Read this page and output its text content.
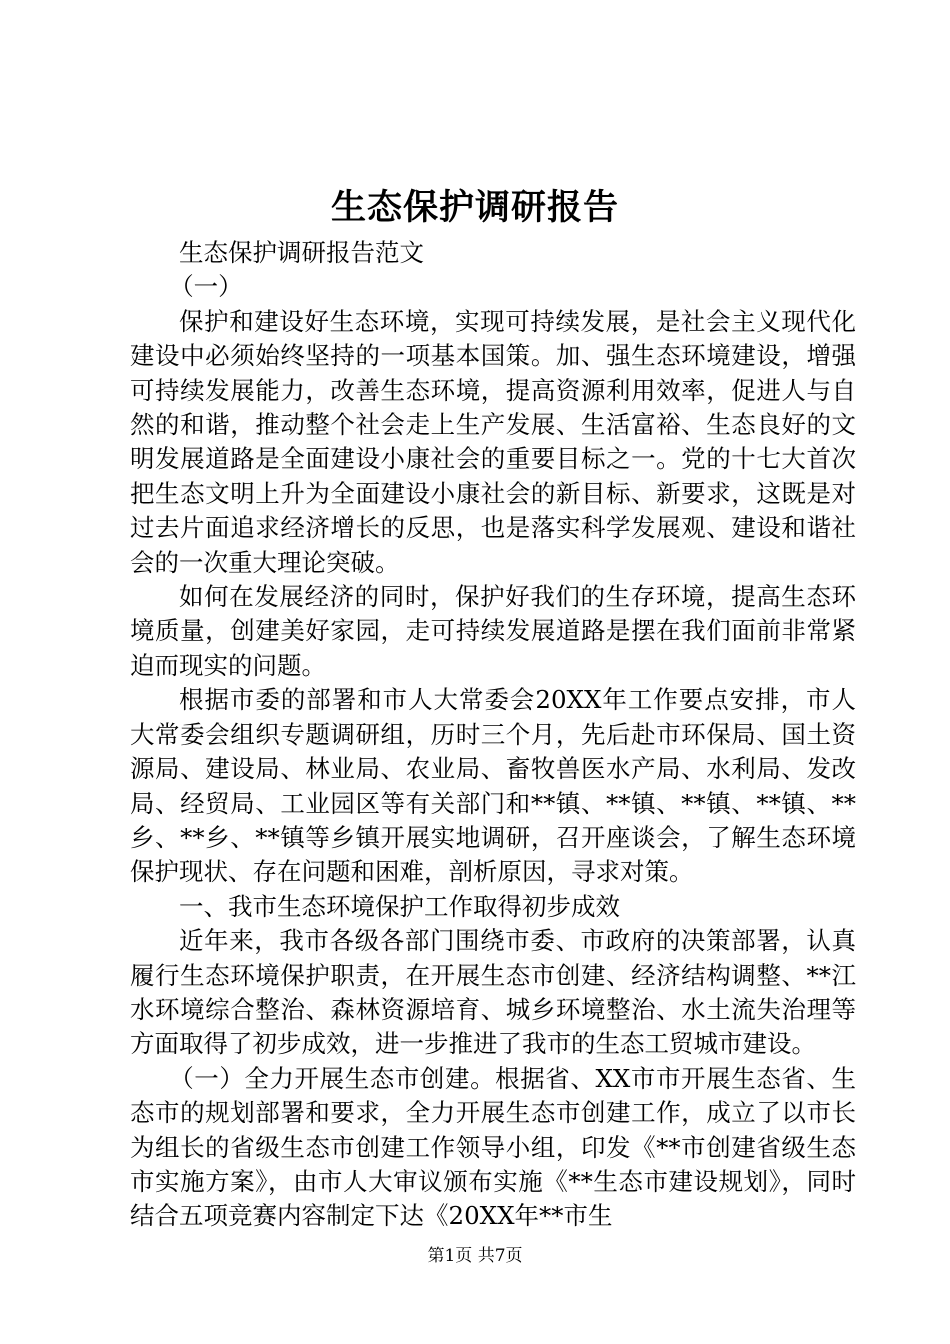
生态保护调研报告

生态保护调研报告范文

（一）

保护和建设好生态环境，实现可持续发展，是社会主义现代化建设中必须始终坚持的一项基本国策。加、强生态环境建设，增强可持续发展能力，改善生态环境，提高资源利用效率，促进人与自然的和谐，推动整个社会走上生产发展、生活富裕、生态良好的文明发展道路是全面建设小康社会的重要目标之一。党的十七大首次把生态文明上升为全面建设小康社会的新目标、新要求，这既是对过去片面追求经济增长的反思，也是落实科学发展观、建设和谐社会的一次重大理论突破。

如何在发展经济的同时，保护好我们的生存环境，提高生态环境质量，创建美好家园，走可持续发展道路是摆在我们面前非常紧迫而现实的问题。

根据市委的部署和市人大常委会20XX年工作要点安排，市人大常委会组织专题调研组，历时三个月，先后赴市环保局、国土资源局、建设局、林业局、农业局、畜牧兽医水产局、水利局、发改局、经贸局、工业园区等有关部门和**镇、**镇、**镇、**镇、**乡、**乡、**镇等乡镇开展实地调研，召开座谈会，了解生态环境保护现状、存在问题和困难，剖析原因，寻求对策。

一、我市生态环境保护工作取得初步成效

近年来，我市各级各部门围绕市委、市政府的决策部署，认真履行生态环境保护职责，在开展生态市创建、经济结构调整、**江水环境综合整治、森林资源培育、城乡环境整治、水土流失治理等方面取得了初步成效，进一步推进了我市的生态工贸城市建设。

（一）全力开展生态市创建。根据省、XX市市开展生态省、生态市的规划部署和要求，全力开展生态市创建工作，成立了以市长为组长的省级生态市创建工作领导小组，印发《**市创建省级生态市实施方案》，由市人大审议颁布实施《**生态市建设规划》，同时结合五项竞赛内容制定下达《20XX年**市生

第1页 共7页
